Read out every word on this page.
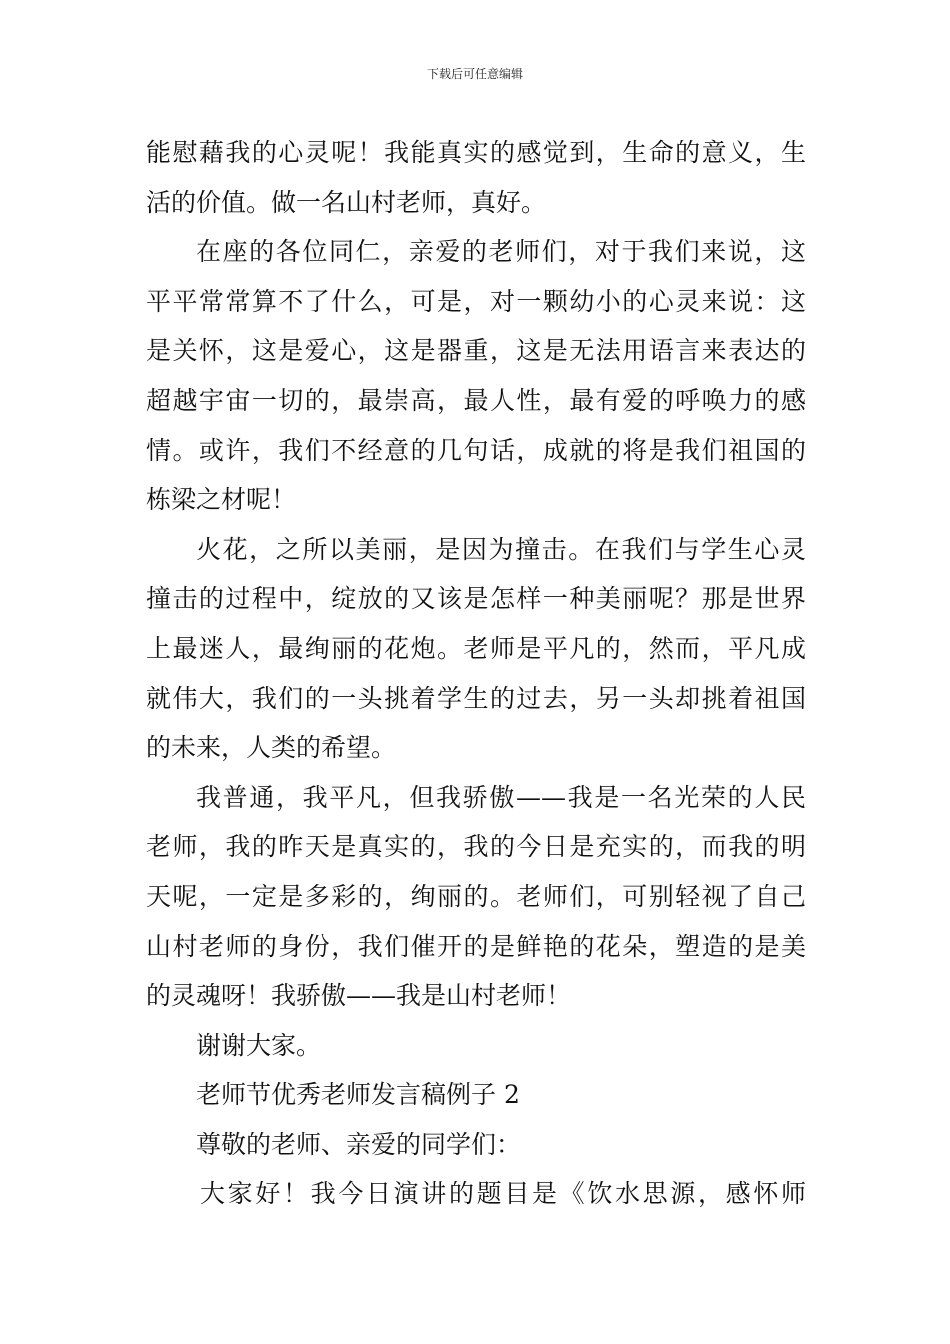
下载后可任意编辑
能慰藉我的心灵呢！我能真实的感觉到，生命的意义，生
活的价值。做一名山村老师，真好。
在座的各位同仁，亲爱的老师们，对于我们来说，这
平平常常算不了什么，可是，对一颗幼小的心灵来说：这
是关怀，这是爱心，这是器重，这是无法用语言来表达的
超越宇宙一切的，最崇高，最人性，最有爱的呼唤力的感
情。或许，我们不经意的几句话，成就的将是我们祖国的
栋梁之材呢！
火花，之所以美丽，是因为撞击。在我们与学生心灵
撞击的过程中，绽放的又该是怎样一种美丽呢？那是世界
上最迷人，最绚丽的花炮。老师是平凡的，然而，平凡成
就伟大，我们的一头挑着学生的过去，另一头却挑着祖国
的未来，人类的希望。
我普通，我平凡，但我骄傲——我是一名光荣的人民
老师，我的昨天是真实的，我的今日是充实的，而我的明
天呢，一定是多彩的，绚丽的。老师们，可别轻视了自己
山村老师的身份，我们催开的是鲜艳的花朵，塑造的是美
的灵魂呀！我骄傲——我是山村老师！
谢谢大家。
老师节优秀老师发言稿例子 2
尊敬的老师、亲爱的同学们：
大家好！我今日演讲的题目是《饮水思源，感怀师
